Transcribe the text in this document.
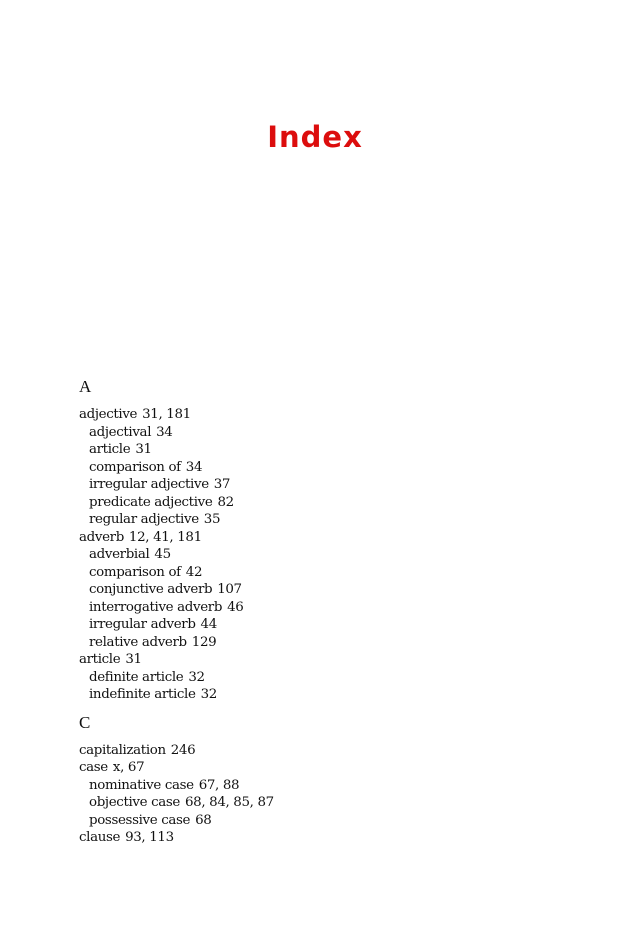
Index
A
adjective 31, 181
adjectival 34
article 31
comparison of 34
irregular adjective 37
predicate adjective 82
regular adjective 35
adverb 12, 41, 181
adverbial 45
comparison of 42
conjunctive adverb 107
interrogative adverb 46
irregular adverb 44
relative adverb 129
article 31
definite article 32
indefinite article 32
C
capitalization 246
case x, 67
nominative case 67, 88
objective case 68, 84, 85, 87
possessive case 68
clause 93, 113
